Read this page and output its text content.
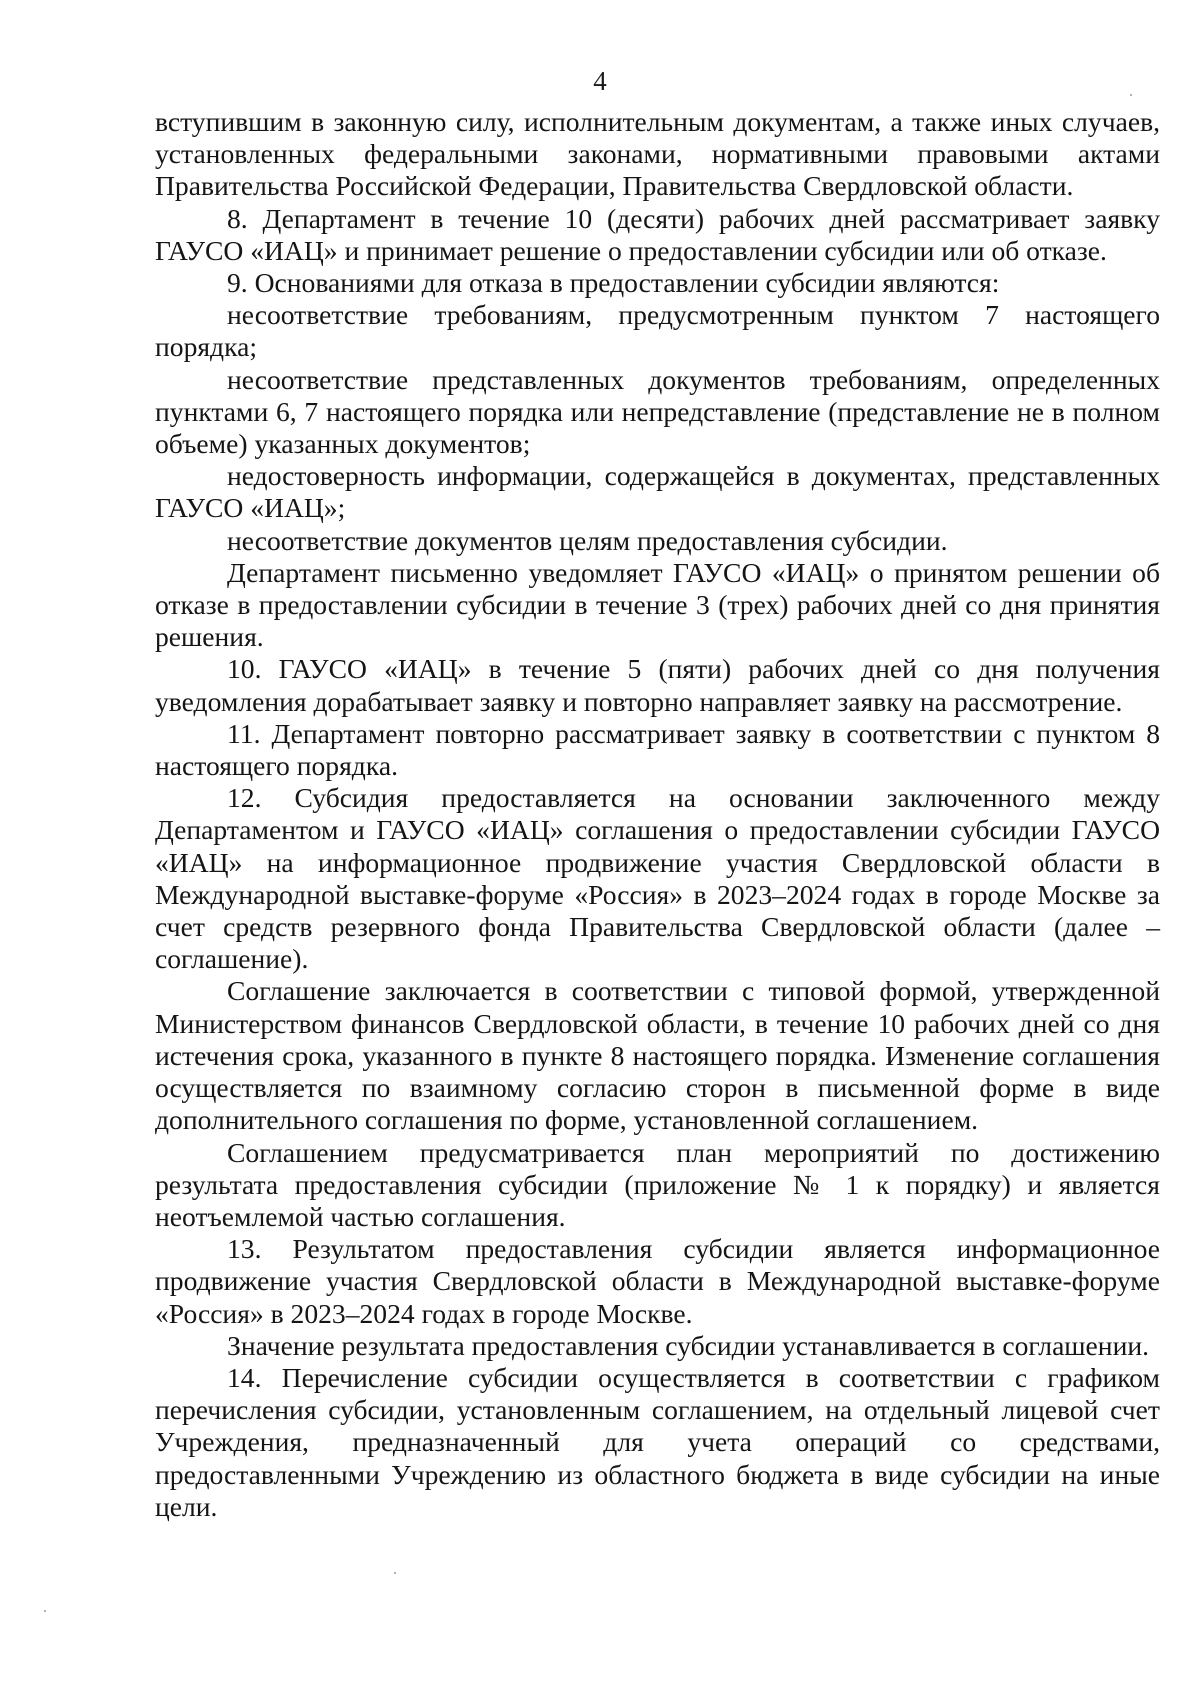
4

вступившим в законную силу, исполнительным документам, а также иных случаев, установленных федеральными законами, нормативными правовыми актами Правительства Российской Федерации, Правительства Свердловской области.

8. Департамент в течение 10 (десяти) рабочих дней рассматривает заявку ГАУСО «ИАЦ» и принимает решение о предоставлении субсидии или об отказе.

9. Основаниями для отказа в предоставлении субсидии являются:

несоответствие требованиям, предусмотренным пунктом 7 настоящего порядка;

несоответствие представленных документов требованиям, определенных пунктами 6, 7 настоящего порядка или непредставление (представление не в полном объеме) указанных документов;

недостоверность информации, содержащейся в документах, представленных ГАУСО «ИАЦ»;

несоответствие документов целям предоставления субсидии.

Департамент письменно уведомляет ГАУСО «ИАЦ» о принятом решении об отказе в предоставлении субсидии в течение 3 (трех) рабочих дней со дня принятия решения.

10. ГАУСО «ИАЦ» в течение 5 (пяти) рабочих дней со дня получения уведомления дорабатывает заявку и повторно направляет заявку на рассмотрение.

11. Департамент повторно рассматривает заявку в соответствии с пунктом 8 настоящего порядка.

12. Субсидия предоставляется на основании заключенного между Департаментом и ГАУСО «ИАЦ» соглашения о предоставлении субсидии ГАУСО «ИАЦ» на информационное продвижение участия Свердловской области в Международной выставке-форуме «Россия» в 2023–2024 годах в городе Москве за счет средств резервного фонда Правительства Свердловской области (далее – соглашение).

Соглашение заключается в соответствии с типовой формой, утвержденной Министерством финансов Свердловской области, в течение 10 рабочих дней со дня истечения срока, указанного в пункте 8 настоящего порядка. Изменение соглашения осуществляется по взаимному согласию сторон в письменной форме в виде дополнительного соглашения по форме, установленной соглашением.

Соглашением предусматривается план мероприятий по достижению результата предоставления субсидии (приложение № 1 к порядку) и является неотъемлемой частью соглашения.

13. Результатом предоставления субсидии является информационное продвижение участия Свердловской области в Международной выставке-форуме «Россия» в 2023–2024 годах в городе Москве.

Значение результата предоставления субсидии устанавливается в соглашении.

14. Перечисление субсидии осуществляется в соответствии с графиком перечисления субсидии, установленным соглашением, на отдельный лицевой счет Учреждения, предназначенный для учета операций со средствами, предоставленными Учреждению из областного бюджета в виде субсидии на иные цели.
